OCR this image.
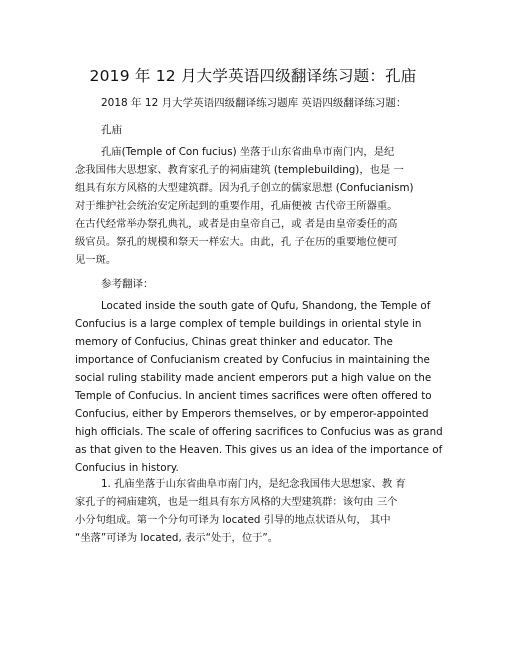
2019 年 12 月大学英语四级翻译练习题：孔庙
2018 年 12 月大学英语四级翻译练习题库 英语四级翻译练习题：
孔庙
孔庙(Temple of Con fucius) 坐落于山东省曲阜市南门内，是纪
念我国伟大思想家、教育家孔子的祠庙建筑 (templebuilding)，也是 一
组具有东方风格的大型建筑群。因为孔子创立的儒家思想 (Confucianism)
对于维护社会统治安定所起到的重要作用，孔庙便被 古代帝王所器重。
在古代经常举办祭孔典礼，或者是由皇帝自己，或 者是由皇帝委任的高
级官员。祭孔的规模和祭天一样宏大。由此，孔 子在历的重要地位便可
见一斑。
参考翻译：
Located inside the south gate of Qufu, Shandong, the Temple of
Confucius is a large complex of temple buildings in oriental style in
memory of Confucius, Chinas great thinker and educator. The
importance of Confucianism created by Confucius in maintaining the
social ruling stability made ancient emperors put a high value on the
Temple of Confucius. In ancient times sacrifices were often offered to
Confucius, either by Emperors themselves, or by emperor-appointed
high officials. The scale of offering sacrifices to Confucius was as grand
as that given to the Heaven. This gives us an idea of the importance of
Confucius in history.
1. 孔庙坐落于山东省曲阜市南门内，是纪念我国伟大思想家、教 育
家孔子的祠庙建筑，也是一组具有东方风格的大型建筑群：该句由 三个
小分句组成。第一个分句可译为 located 引导的地点状语从句， 其中
“坐落”可译为 located, 表示“处于，位于”。
